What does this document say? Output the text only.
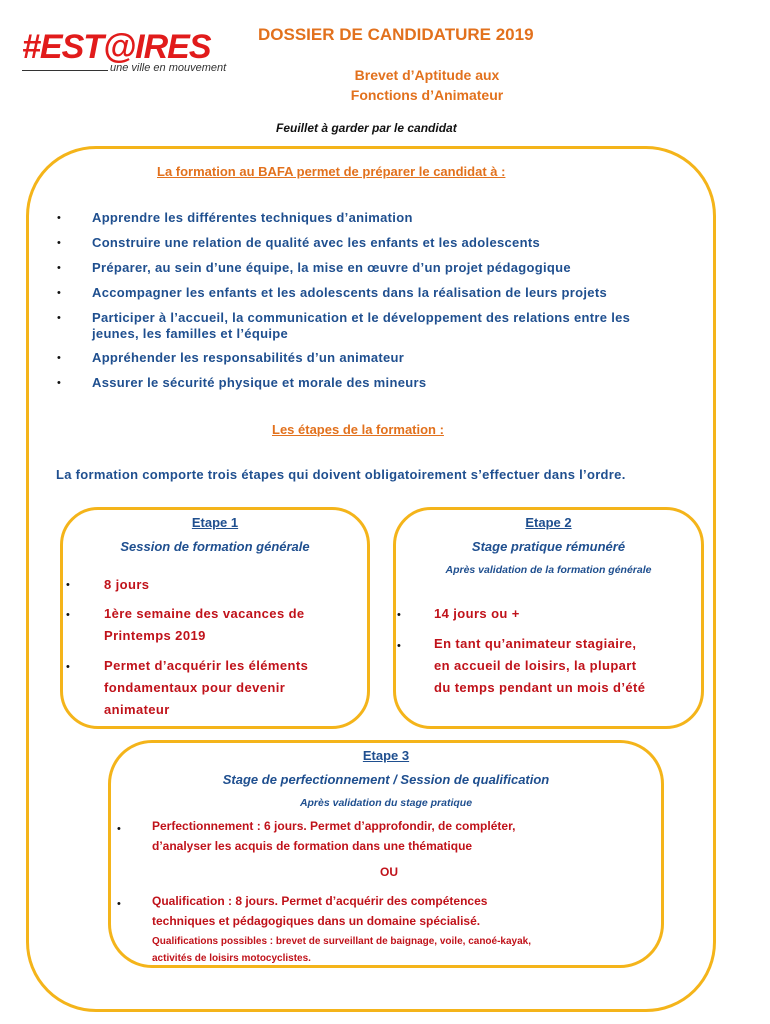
#EST@IRES
une ville en mouvement
DOSSIER DE CANDIDATURE 2019
Brevet d’Aptitude aux
Fonctions d’Animateur
Feuillet à garder par le candidat
La formation au BAFA permet de préparer le candidat à :
• Apprendre les différentes techniques d’animation
• Construire une relation de qualité avec les enfants et les adolescents
• Préparer, au sein d’une équipe, la mise en œuvre d’un projet pédagogique
• Accompagner les enfants et les adolescents dans la réalisation de leurs projets
• Participer à l’accueil, la communication et le développement des relations entre les
jeunes, les familles et l’équipe
• Appréhender les responsabilités d’un animateur
• Assurer le sécurité physique et morale des mineurs
Les étapes de la formation :
La formation comporte trois étapes qui doivent obligatoirement s’effectuer dans l’ordre.
Etape 1
Session de formation générale
•	8 jours
•	1ère semaine des vacances de
Printemps 2019
•	Permet d’acquérir les éléments
fondamentaux pour devenir
animateur
Etape 2
Stage pratique rémunéré
Après validation de la formation générale
•	14 jours ou +
•	En tant qu’animateur stagiaire,
en accueil de loisirs, la plupart
du temps pendant un mois d’été
Etape 3
Stage de perfectionnement / Session de qualification
Après validation du stage pratique
•	Perfectionnement : 6 jours. Permet d’approfondir, de compléter,
d’analyser les acquis de formation dans une thématique
OU
•	Qualification : 8 jours. Permet d’acquérir des compétences
techniques et pédagogiques dans un domaine spécialisé.
Qualifications possibles : brevet de surveillant de baignage, voile, canoé-kayak,
activités de loisirs motocyclistes.
